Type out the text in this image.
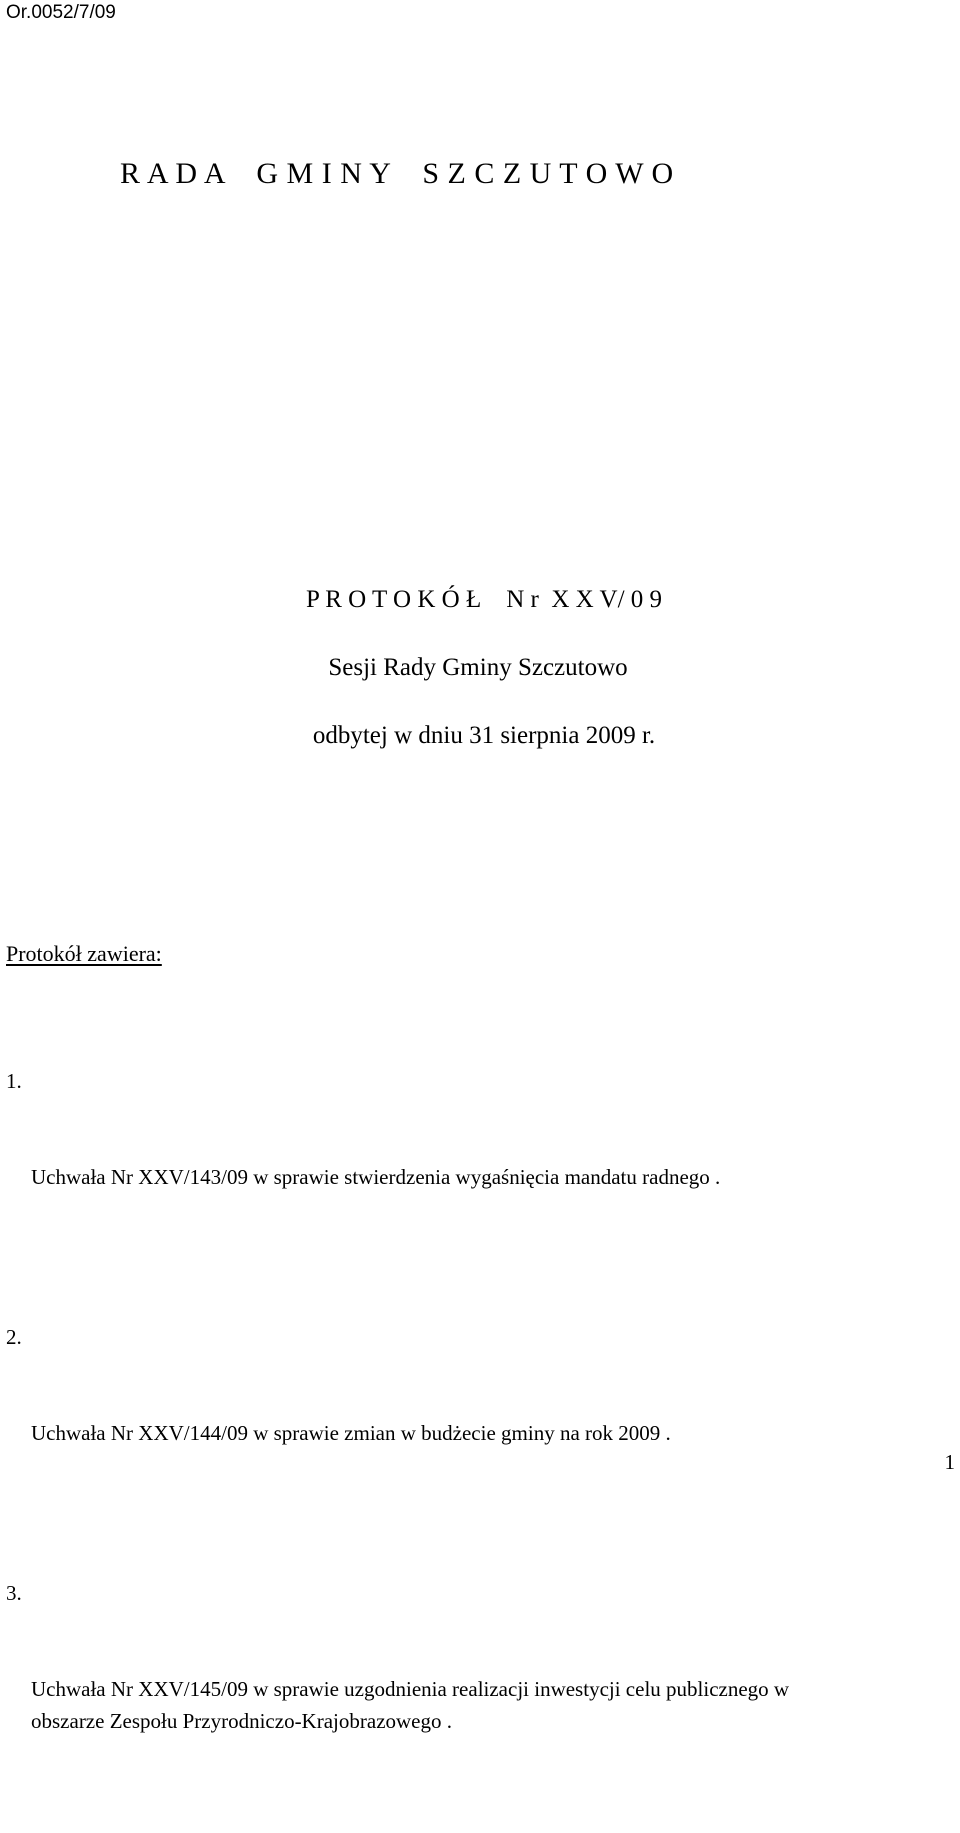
Or.0052/7/09
R A D A    G M I N Y    S Z C Z U T O W O

P R O T O K Ó Ł    N r  X X V/ 0 9

Sesji Rady Gminy Szczutowo

odbytej w dniu 31 sierpnia 2009 r.

Protokół zawiera:

1.

Uchwała Nr XXV/143/09 w sprawie stwierdzenia wygaśnięcia mandatu radnego .

2.

Uchwała Nr XXV/144/09 w sprawie zmian w budżecie gminy na rok 2009 .

3.

Uchwała Nr XXV/145/09 w sprawie uzgodnienia realizacji inwestycji celu publicznego w obszarze Zespołu Przyrodniczo-Krajobrazowego .

1
